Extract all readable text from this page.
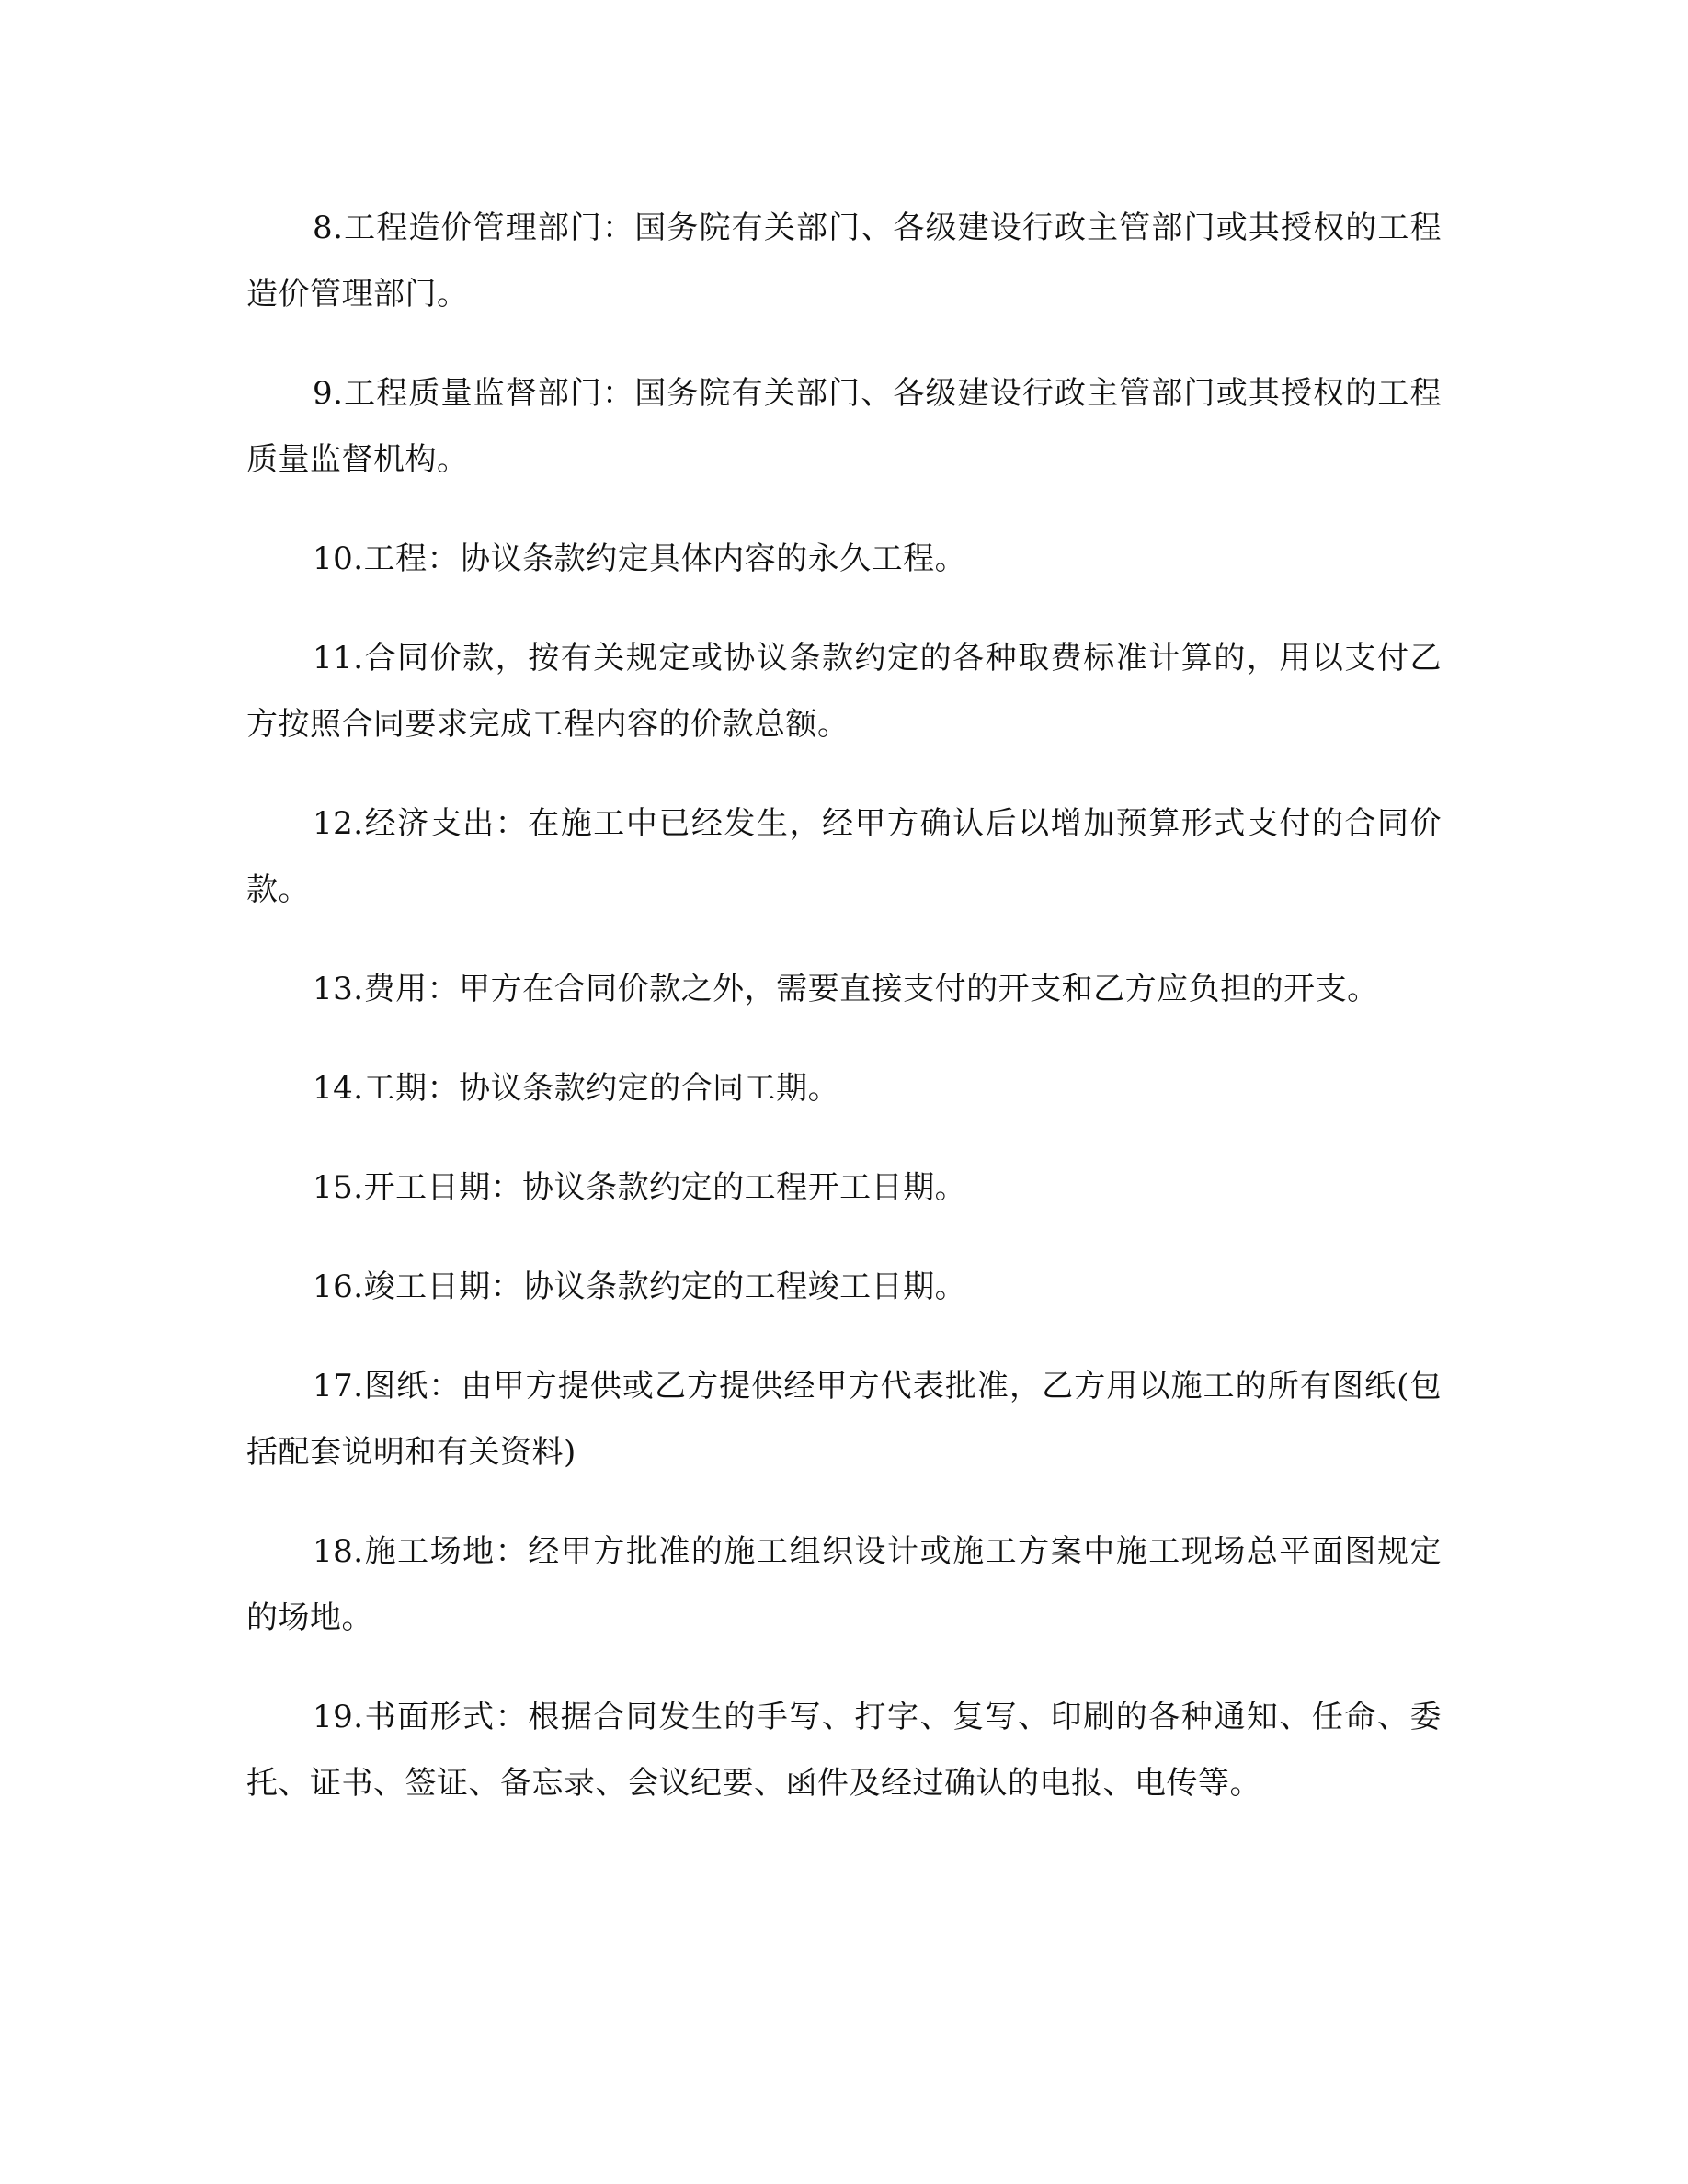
8.工程造价管理部门：国务院有关部门、各级建设行政主管部门或其授权的工程造价管理部门。

9.工程质量监督部门：国务院有关部门、各级建设行政主管部门或其授权的工程质量监督机构。

10.工程：协议条款约定具体内容的永久工程。

11.合同价款，按有关规定或协议条款约定的各种取费标准计算的，用以支付乙方按照合同要求完成工程内容的价款总额。

12.经济支出：在施工中已经发生，经甲方确认后以增加预算形式支付的合同价款。

13.费用：甲方在合同价款之外，需要直接支付的开支和乙方应负担的开支。

14.工期：协议条款约定的合同工期。

15.开工日期：协议条款约定的工程开工日期。

16.竣工日期：协议条款约定的工程竣工日期。

17.图纸：由甲方提供或乙方提供经甲方代表批准，乙方用以施工的所有图纸(包括配套说明和有关资料)

18.施工场地：经甲方批准的施工组织设计或施工方案中施工现场总平面图规定的场地。

19.书面形式：根据合同发生的手写、打字、复写、印刷的各种通知、任命、委托、证书、签证、备忘录、会议纪要、函件及经过确认的电报、电传等。
